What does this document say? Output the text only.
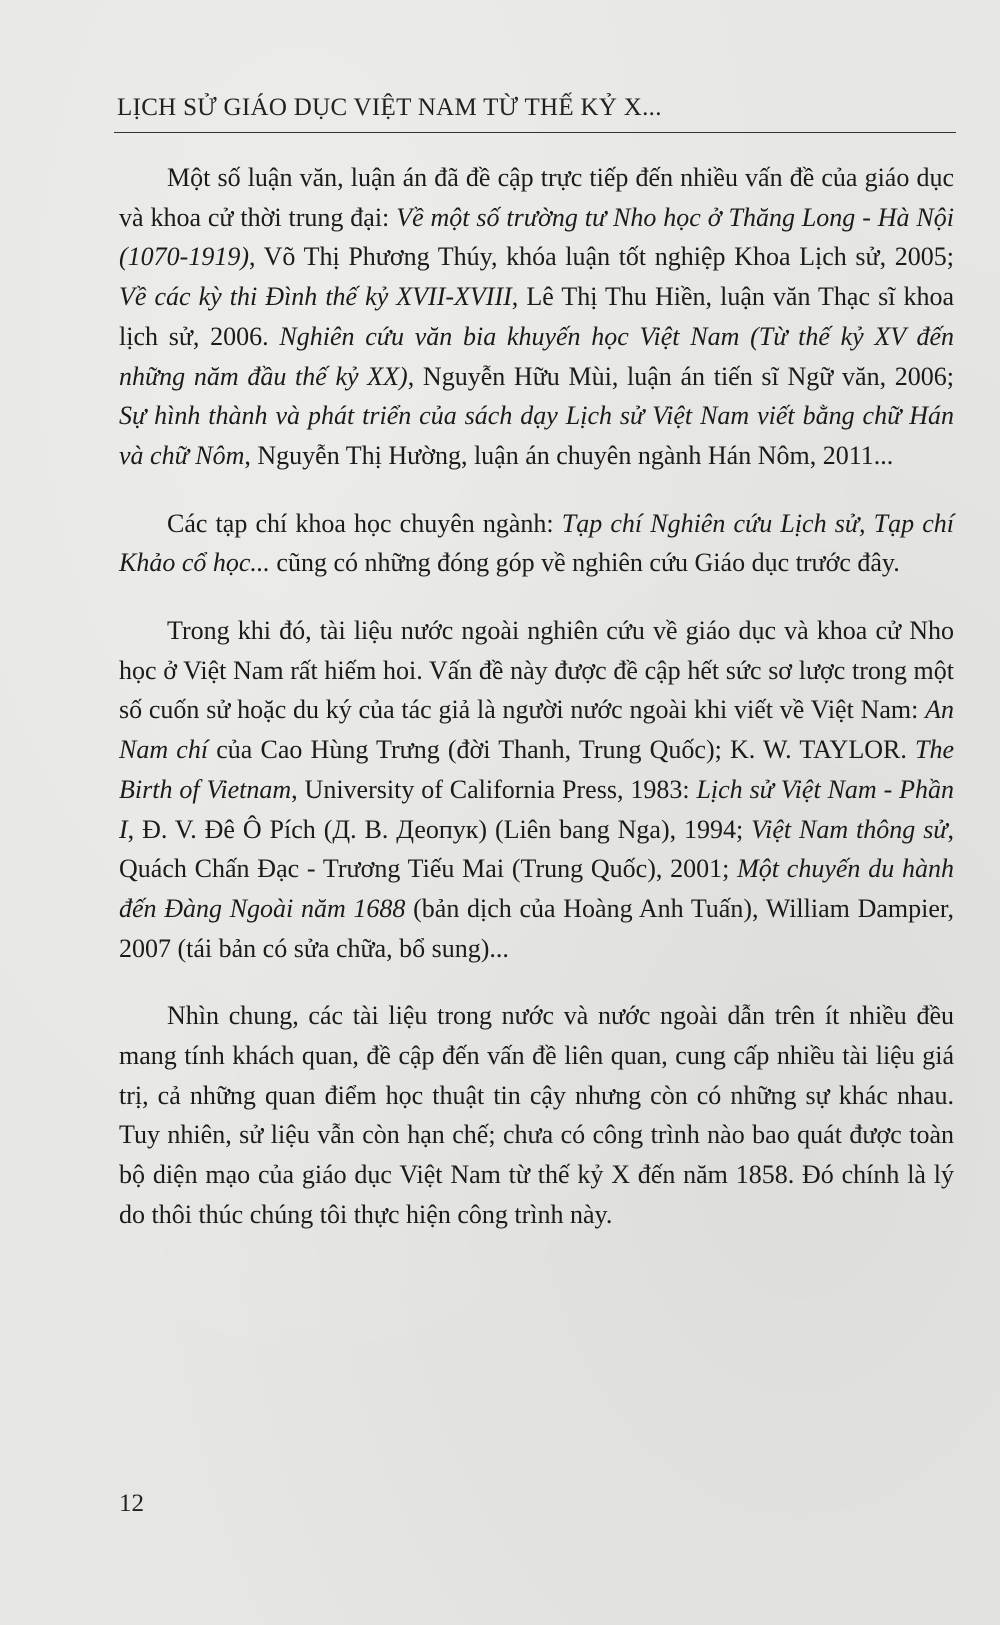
LỊCH SỬ GIÁO DỤC VIỆT NAM TỪ THẾ KỶ X...

Một số luận văn, luận án đã đề cập trực tiếp đến nhiều vấn đề của giáo dục và khoa cử thời trung đại: Về một số trường tư Nho học ở Thăng Long - Hà Nội (1070-1919), Võ Thị Phương Thúy, khóa luận tốt nghiệp Khoa Lịch sử, 2005; Về các kỳ thi Đình thế kỷ XVII-XVIII, Lê Thị Thu Hiền, luận văn Thạc sĩ khoa lịch sử, 2006. Nghiên cứu văn bia khuyến học Việt Nam (Từ thế kỷ XV đến những năm đầu thế kỷ XX), Nguyễn Hữu Mùi, luận án tiến sĩ Ngữ văn, 2006; Sự hình thành và phát triển của sách dạy Lịch sử Việt Nam viết bằng chữ Hán và chữ Nôm, Nguyễn Thị Hường, luận án chuyên ngành Hán Nôm, 2011...

Các tạp chí khoa học chuyên ngành: Tạp chí Nghiên cứu Lịch sử, Tạp chí Khảo cổ học... cũng có những đóng góp về nghiên cứu Giáo dục trước đây.

Trong khi đó, tài liệu nước ngoài nghiên cứu về giáo dục và khoa cử Nho học ở Việt Nam rất hiếm hoi. Vấn đề này được đề cập hết sức sơ lược trong một số cuốn sử hoặc du ký của tác giả là người nước ngoài khi viết về Việt Nam: An Nam chí của Cao Hùng Trưng (đời Thanh, Trung Quốc); K. W. TAYLOR. The Birth of Vietnam, University of California Press, 1983: Lịch sử Việt Nam - Phần I, Đ. V. Đê Ô Pích (Д. В. Деопук) (Liên bang Nga), 1994; Việt Nam thông sử, Quách Chấn Đạc - Trương Tiếu Mai (Trung Quốc), 2001; Một chuyến du hành đến Đàng Ngoài năm 1688 (bản dịch của Hoàng Anh Tuấn), William Dampier, 2007 (tái bản có sửa chữa, bổ sung)...

Nhìn chung, các tài liệu trong nước và nước ngoài dẫn trên ít nhiều đều mang tính khách quan, đề cập đến vấn đề liên quan, cung cấp nhiều tài liệu giá trị, cả những quan điểm học thuật tin cậy nhưng còn có những sự khác nhau. Tuy nhiên, sử liệu vẫn còn hạn chế; chưa có công trình nào bao quát được toàn bộ diện mạo của giáo dục Việt Nam từ thế kỷ X đến năm 1858. Đó chính là lý do thôi thúc chúng tôi thực hiện công trình này.

12
